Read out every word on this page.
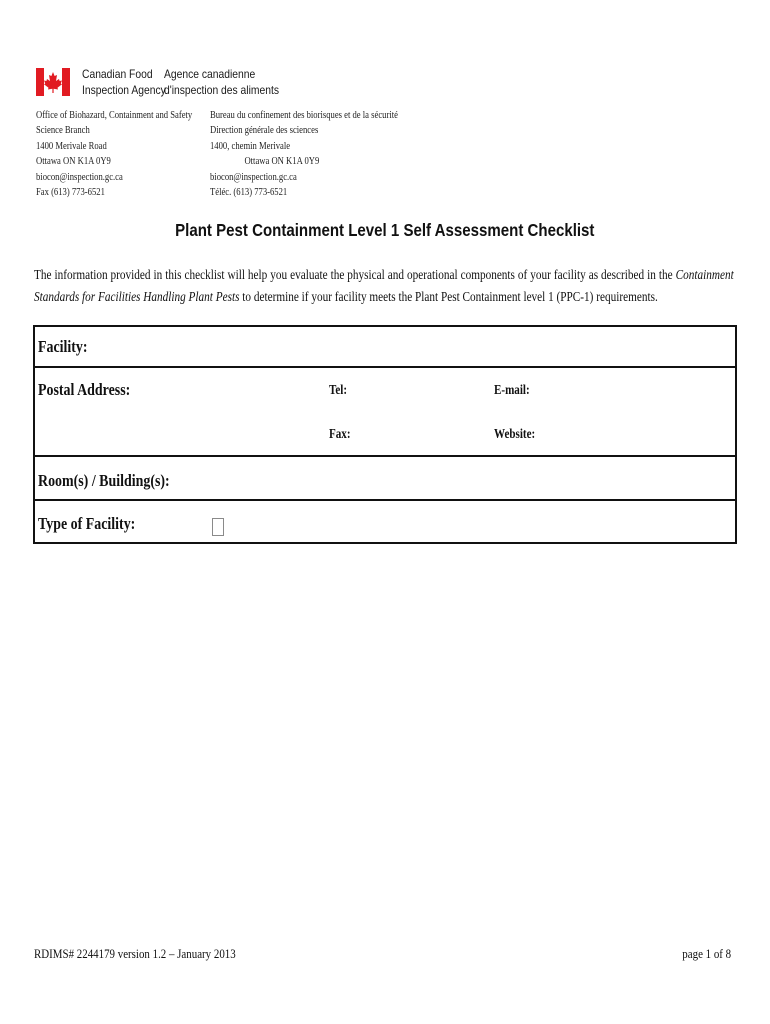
Canadian Food
Inspection Agency
Agence canadienne
d'inspection des aliments
Office of Biohazard, Containment and Safety
Science Branch
1400 Merivale Road
Ottawa ON K1A 0Y9
biocon@inspection.gc.ca
Fax (613) 773-6521
Bureau du confinement des biorisques et de la sécurité
Direction générale des sciences
1400, chemin Merivale
Ottawa ON K1A 0Y9
biocon@inspection.gc.ca
Téléc. (613) 773-6521
Plant Pest Containment Level 1 Self Assessment Checklist
The information provided in this checklist will help you evaluate the physical and operational components of your facility as described in the Containment
Standards for Facilities Handling Plant Pests to determine if your facility meets the Plant Pest Containment level 1 (PPC-1) requirements.
Facility:
Postal Address:	Tel:	E-mail:
Fax:	Website:
Room(s) / Building(s):
Type of Facility:
RDIMS# 2244179 version 1.2 – January 2013	page 1 of 8
